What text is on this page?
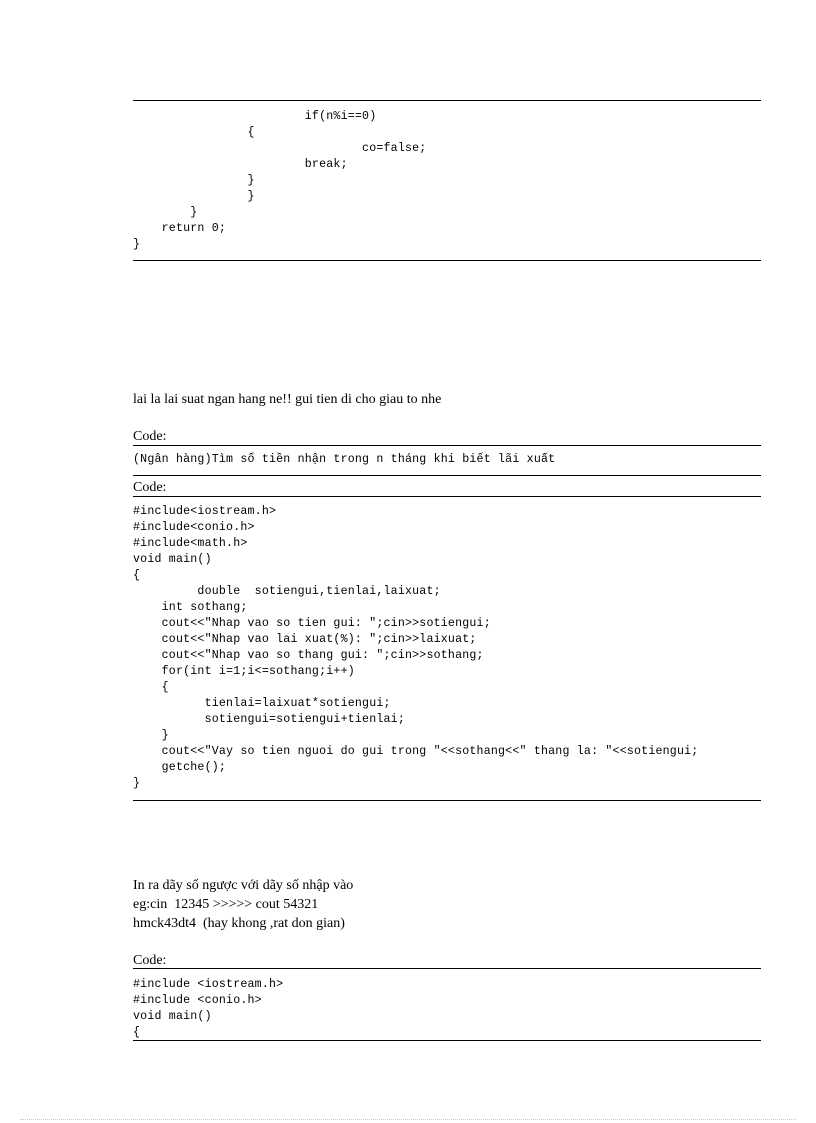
if(n%i==0)
{
co=false;
break;
}
}
}
return 0;
}
lai la lai suat ngan hang ne!! gui tien di cho giau to nhe
Code:
(Ngân hàng)Tìm số tiền nhận trong n tháng khi biết lãi xuất
Code:
#include<iostream.h>
#include<conio.h>
#include<math.h>
void main()
{
double  sotiengui,tienlai,laixuat;
int sothang;
cout<<"Nhap vao so tien gui: ";cin>>sotiengui;
cout<<"Nhap vao lai xuat(%): ";cin>>laixuat;
cout<<"Nhap vao so thang gui: ";cin>>sothang;
for(int i=1;i<=sothang;i++)
{
tienlai=laixuat*sotiengui;
sotiengui=sotiengui+tienlai;
}
cout<<"Vay so tien nguoi do gui trong "<<sothang<<" thang la: "<<sotiengui;
getche();
}
In ra dãy số ngược với dãy số nhập vào
eg:cin  12345 >>>>> cout 54321
hmck43dt4  (hay khong ,rat don gian)
Code:
#include <iostream.h>
#include <conio.h>
void main()
{
